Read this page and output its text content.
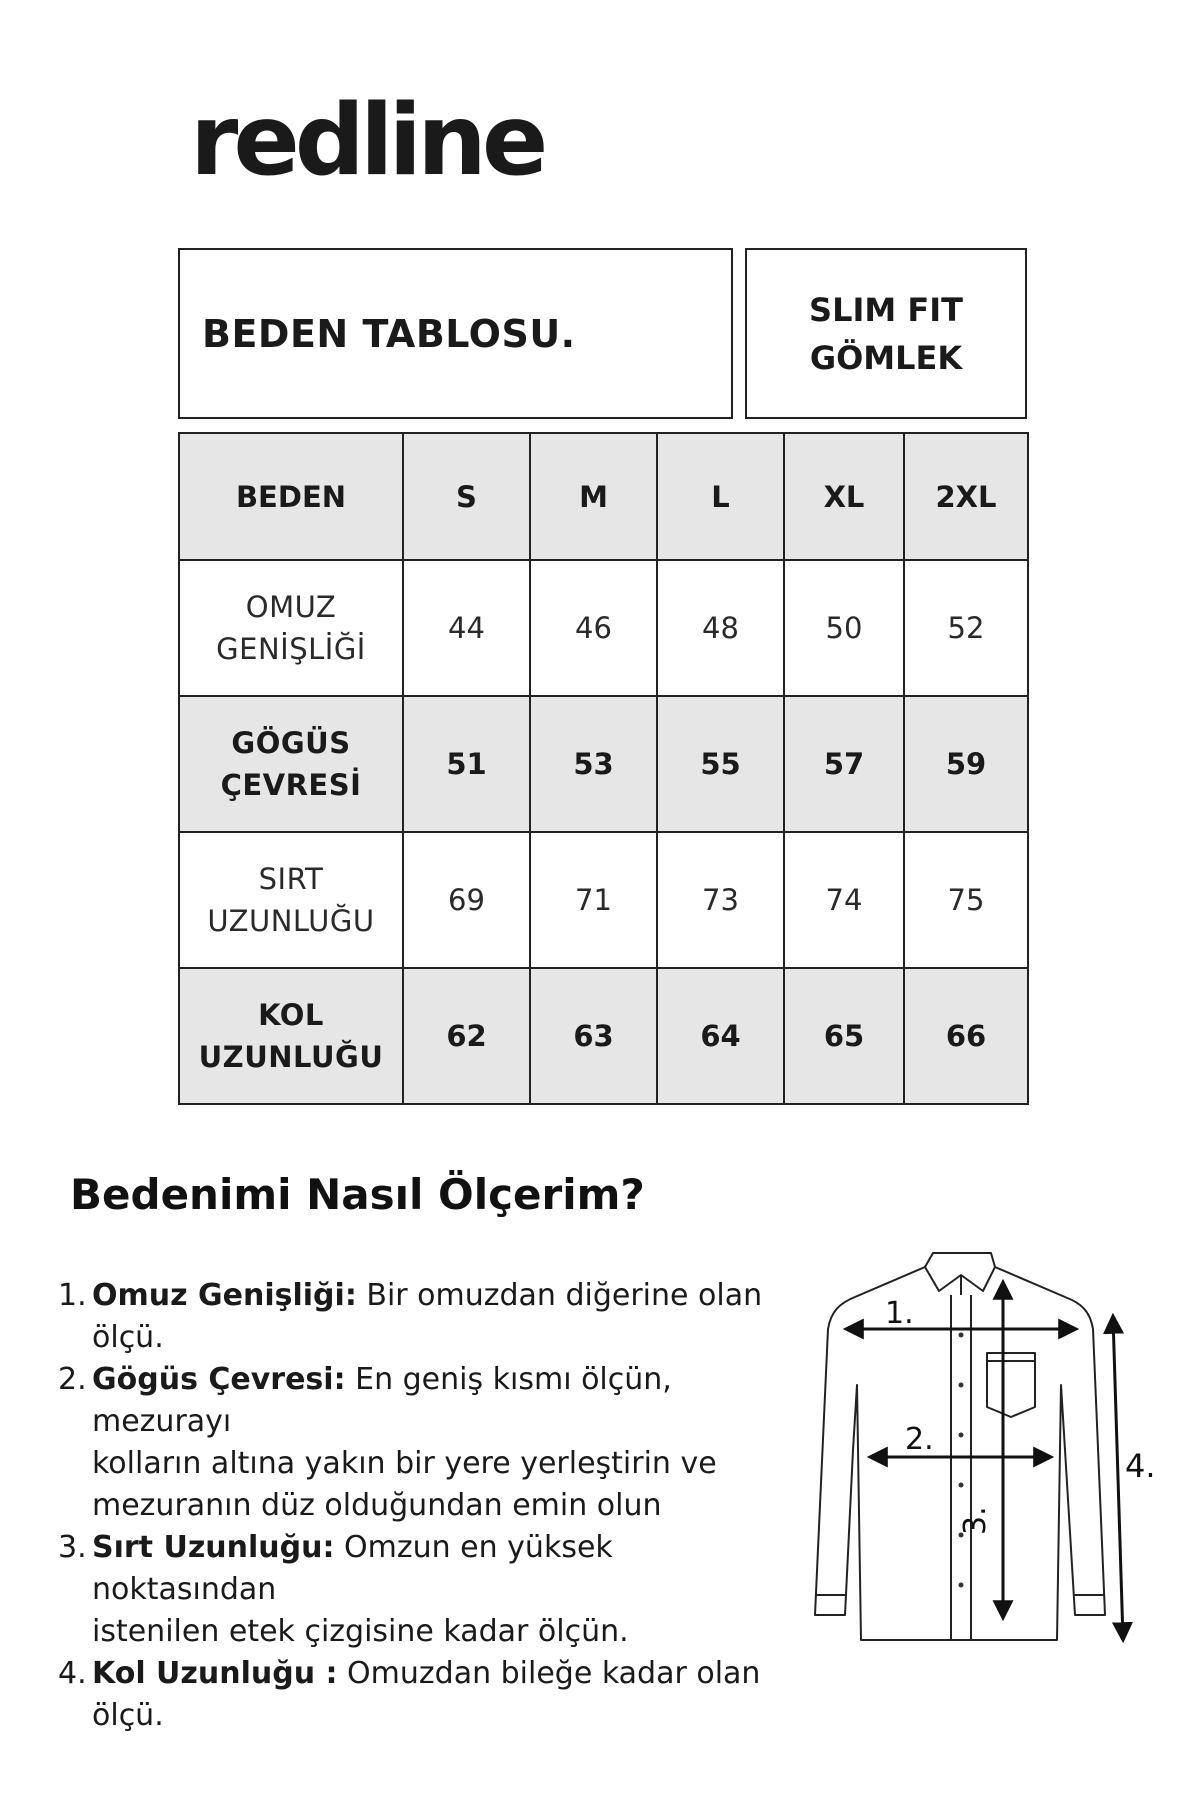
redline
BEDEN TABLOSU.
SLIM FIT
GÖMLEK
BEDEN	S	M	L	XL	2XL
OMUZ
GENİŞLİĞİ	44	46	48	50	52
GÖGÜS
ÇEVRESİ	51	53	55	57	59
SIRT
UZUNLUĞU	69	71	73	74	75
KOL
UZUNLUĞU	62	63	64	65	66
Bedenimi Nasıl Ölçerim?
1. Omuz Genişliği: Bir omuzdan diğerine olan
ölçü.
2. Gögüs Çevresi: En geniş kısmı ölçün, mezurayı
kolların altına yakın bir yere yerleştirin ve
mezuranın düz olduğundan emin olun
3. Sırt Uzunluğu: Omzun en yüksek noktasından
istenilen etek çizgisine kadar ölçün.
4. Kol Uzunluğu : Omuzdan bileğe kadar olan
ölçü.
1.
2.
3.
4.
